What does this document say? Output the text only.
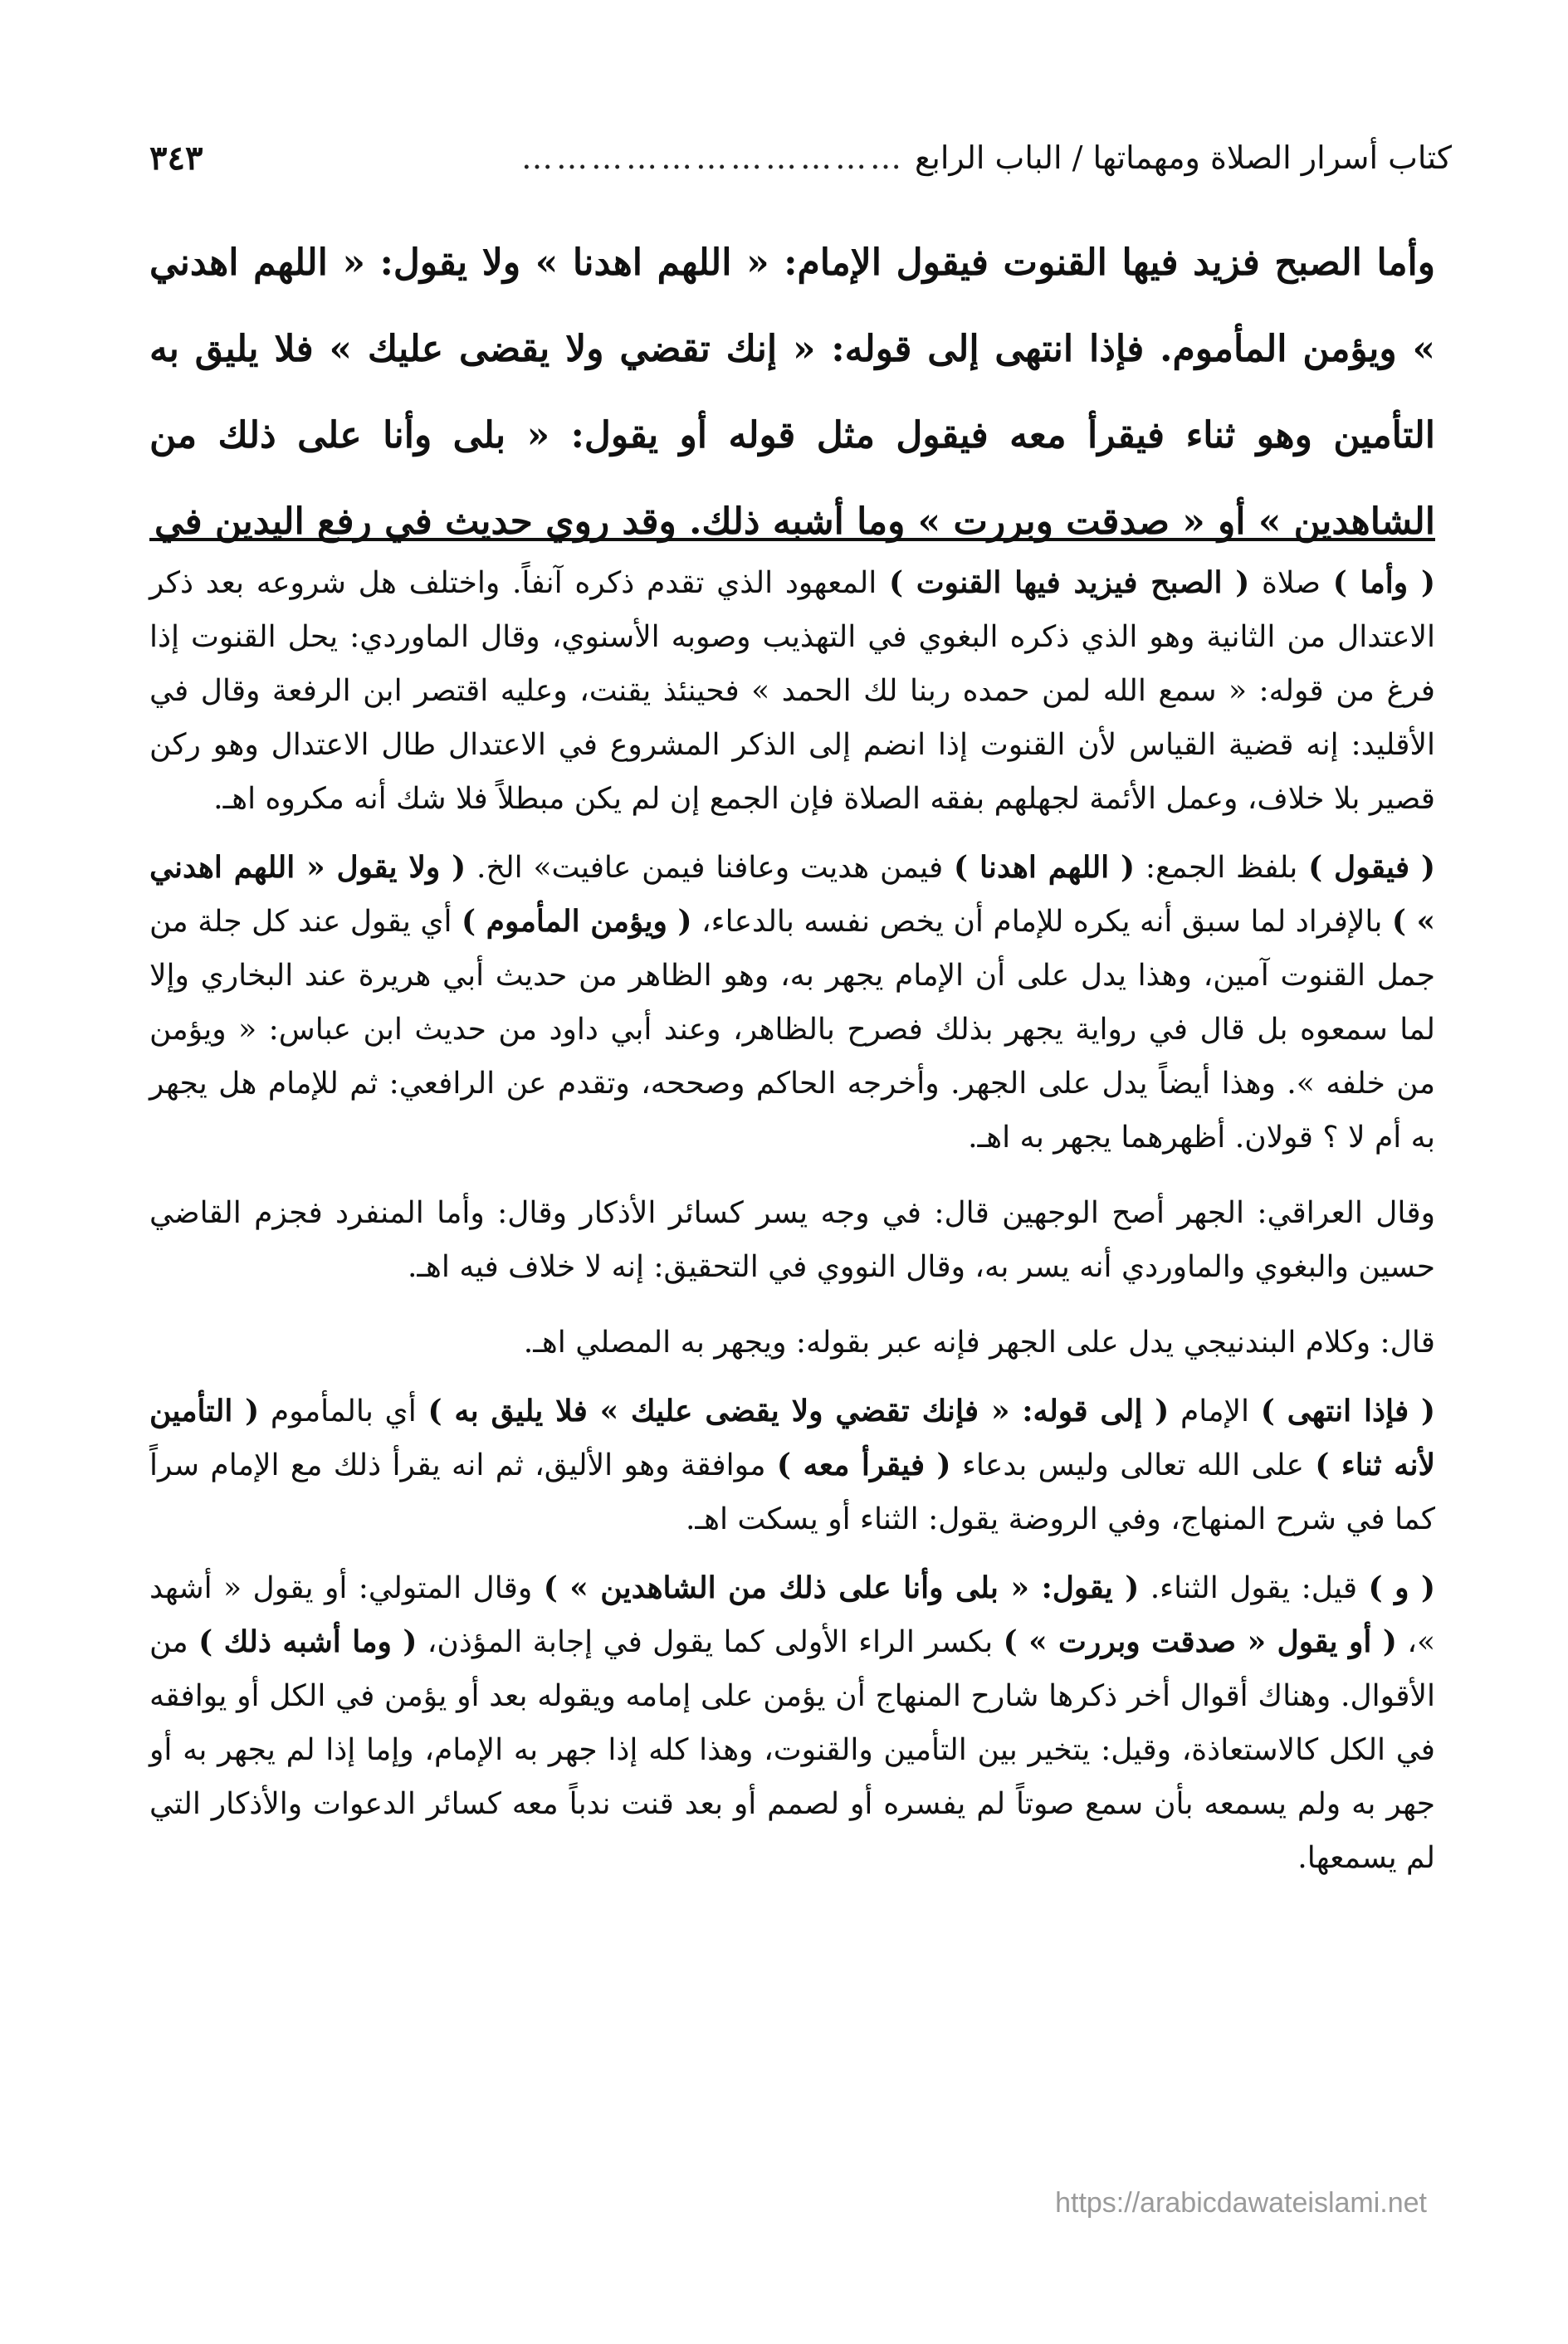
كتاب أسرار الصلاة ومهماتها / الباب الرابع
……………………………
٣٤٣
وأما الصبح فزيد فيها القنوت فيقول الإمام: « اللهم اهدنا » ولا يقول: « اللهم اهدني » ويؤمن المأموم. فإذا انتهى إلى قوله: « إنك تقضي ولا يقضى عليك » فلا يليق به التأمين وهو ثناء فيقرأ معه فيقول مثل قوله أو يقول: « بلى وأنا على ذلك من الشاهدين » أو « صدقت وبررت » وما أشبه ذلك. وقد روي حديث في رفع اليدين في

( وأما ) صلاة ( الصبح فيزيد فيها القنوت ) المعهود الذي تقدم ذكره آنفاً. واختلف هل شروعه بعد ذكر الاعتدال من الثانية وهو الذي ذكره البغوي في التهذيب وصوبه الأسنوي، وقال الماوردي: يحل القنوت إذا فرغ من قوله: « سمع الله لمن حمده ربنا لك الحمد » فحينئذ يقنت، وعليه اقتصر ابن الرفعة وقال في الأقليد: إنه قضية القياس لأن القنوت إذا انضم إلى الذكر المشروع في الاعتدال طال الاعتدال وهو ركن قصير بلا خلاف، وعمل الأئمة لجهلهم بفقه الصلاة فإن الجمع إن لم يكن مبطلاً فلا شك أنه مكروه اهـ.

( فيقول ) بلفظ الجمع: ( اللهم اهدنا ) فيمن هديت وعافنا فيمن عافيت» الخ. ( ولا يقول « اللهم اهدني » ) بالإفراد لما سبق أنه يكره للإمام أن يخص نفسه بالدعاء، ( ويؤمن المأموم ) أي يقول عند كل جلة من جمل القنوت آمين، وهذا يدل على أن الإمام يجهر به، وهو الظاهر من حديث أبي هريرة عند البخاري وإلا لما سمعوه بل قال في رواية يجهر بذلك فصرح بالظاهر، وعند أبي داود من حديث ابن عباس: « ويؤمن من خلفه ». وهذا أيضاً يدل على الجهر. وأخرجه الحاكم وصححه، وتقدم عن الرافعي: ثم للإمام هل يجهر به أم لا ؟ قولان. أظهرهما يجهر به اهـ.

وقال العراقي: الجهر أصح الوجهين قال: في وجه يسر كسائر الأذكار وقال: وأما المنفرد فجزم القاضي حسين والبغوي والماوردي أنه يسر به، وقال النووي في التحقيق: إنه لا خلاف فيه اهـ.

قال: وكلام البندنيجي يدل على الجهر فإنه عبر بقوله: ويجهر به المصلي اهـ.

( فإذا انتهى ) الإمام ( إلى قوله: « فإنك تقضي ولا يقضى عليك » فلا يليق به ) أي بالمأموم ( التأمين لأنه ثناء ) على الله تعالى وليس بدعاء ( فيقرأ معه ) موافقة وهو الأليق، ثم انه يقرأ ذلك مع الإمام سراً كما في شرح المنهاج، وفي الروضة يقول: الثناء أو يسكت اهـ.

( و ) قيل: يقول الثناء. ( يقول: « بلى وأنا على ذلك من الشاهدين » ) وقال المتولي: أو يقول « أشهد »، ( أو يقول « صدقت وبررت » ) بكسر الراء الأولى كما يقول في إجابة المؤذن، ( وما أشبه ذلك ) من الأقوال. وهناك أقوال أخر ذكرها شارح المنهاج أن يؤمن على إمامه ويقوله بعد أو يؤمن في الكل أو يوافقه في الكل كالاستعاذة، وقيل: يتخير بين التأمين والقنوت، وهذا كله إذا جهر به الإمام، وإما إذا لم يجهر به أو جهر به ولم يسمعه بأن سمع صوتاً لم يفسره أو لصمم أو بعد قنت ندباً معه كسائر الدعوات والأذكار التي لم يسمعها.

https://arabicdawateislami.net
